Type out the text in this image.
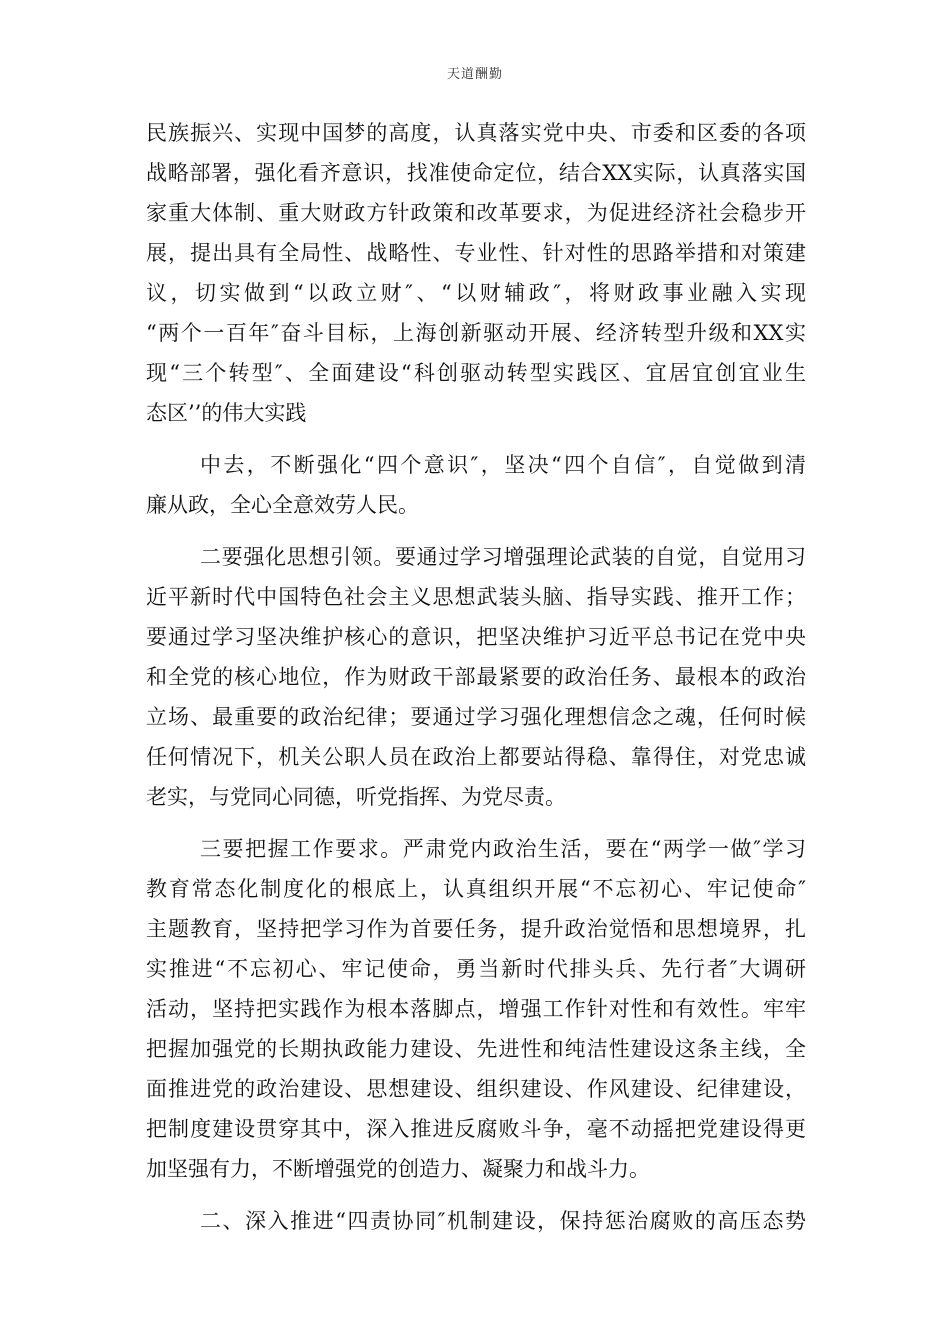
天道酬勤
民族振兴、实现中国梦的高度，认真落实党中央、市委和区委的各项
战略部署，强化看齐意识，找准使命定位，结合XX实际，认真落实国
家重大体制、重大财政方针政策和改革要求，为促进经济社会稳步开
展，提出具有全局性、战略性、专业性、针对性的思路举措和对策建
议，切实做到“以政立财″、“以财辅政″，将财政事业融入实现
“两个一百年″奋斗目标，上海创新驱动开展、经济转型升级和XX实
现“三个转型″、全面建设“科创驱动转型实践区、宜居宜创宜业生
态区’’的伟大实践
中去，不断强化“四个意识″，坚决“四个自信″，自觉做到清
廉从政，全心全意效劳人民。
二要强化思想引领。要通过学习增强理论武装的自觉，自觉用习
近平新时代中国特色社会主义思想武装头脑、指导实践、推开工作；
要通过学习坚决维护核心的意识，把坚决维护习近平总书记在党中央
和全党的核心地位，作为财政干部最紧要的政治任务、最根本的政治
立场、最重要的政治纪律；要通过学习强化理想信念之魂，任何时候
任何情况下，机关公职人员在政治上都要站得稳、靠得住，对党忠诚
老实，与党同心同德，听党指挥、为党尽责。
三要把握工作要求。严肃党内政治生活，要在“两学一做″学习
教育常态化制度化的根底上，认真组织开展“不忘初心、牢记使命″
主题教育，坚持把学习作为首要任务，提升政治觉悟和思想境界，扎
实推进“不忘初心、牢记使命，勇当新时代排头兵、先行者″大调研
活动，坚持把实践作为根本落脚点，增强工作针对性和有效性。牢牢
把握加强党的长期执政能力建设、先进性和纯洁性建设这条主线，全
面推进党的政治建设、思想建设、组织建设、作风建设、纪律建设，
把制度建设贯穿其中，深入推进反腐败斗争，毫不动摇把党建设得更
加坚强有力，不断增强党的创造力、凝聚力和战斗力。
二、深入推进“四责协同″机制建设，保持惩治腐败的高压态势
